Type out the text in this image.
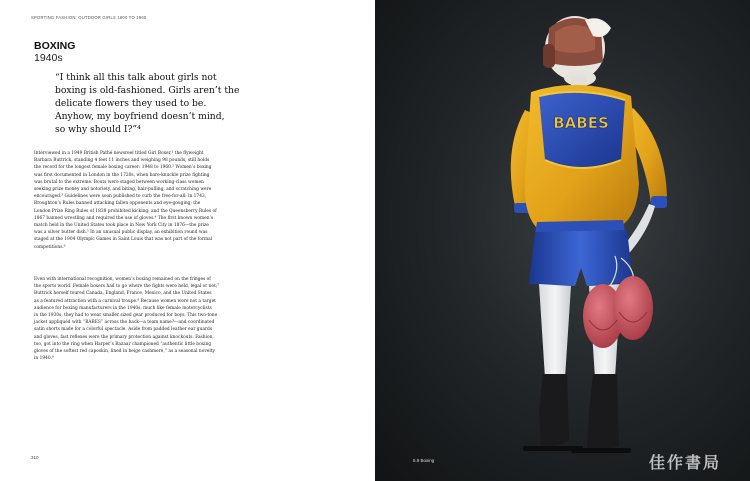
SPORTING FASHION: OUTDOOR GIRLS 1800 TO 1960
BOXING
1940s
“I think all this talk about girls not
boxing is old-fashioned. Girls aren’t the
delicate flowers they used to be.
Anyhow, my boyfriend doesn’t mind,
so why should I?”⁴
Interviewed in a 1949 British Pathé newsreel titled Girl Boxer,¹ the flyweight
Barbara Buttrick, standing 4 feet 11 inches and weighing 98 pounds, still holds
the record for the longest female boxing career: 1948 to 1960.² Women’s boxing
was first documented in London in the 1720s, when bare-knuckle prize fighting
was brutal to the extreme. Bouts were staged between working-class women
seeking prize money and notoriety, and biting, hair-pulling, and scratching were
encouraged.³ Guidelines were soon published to curb the free-for-all: in 1743,
Broughton’s Rules banned attacking fallen opponents and eye-gouging; the
London Prize Ring Rules of 1838 prohibited kicking; and the Queensberry Rules of
1867 banned wrestling and required the use of gloves.⁴ The first known women’s
match held in the United States took place in New York City in 1876—the prize
was a silver butter dish.⁵ In an unusual public display, an exhibition round was
staged at the 1904 Olympic Games in Saint Louis that was not part of the formal
competitions.⁶
Even with international recognition, women’s boxing remained on the fringes of
the sports world. Female boxers had to go where the fights were held, legal or not;⁷
Buttrick herself toured Canada, England, France, Mexico, and the United States
as a featured attraction with a carnival troupe.⁸ Because women were not a target
audience for boxing manufacturers in the 1940s, much like female motorcyclists
in the 1930s, they had to wear smaller sized gear produced for boys. This two-tone
jacket appliquéd with “BABES” across the back—a team name?—and coordinated
satin shorts made for a colorful spectacle. Aside from padded leather ear guards
and gloves, fast reflexes were the primary protection against knockouts. Fashion,
too, got into the ring when Harper’s Bazaar championed “authentic little boxing
gloves of the softest red capeskin, lined in beige cashmere,” as a seasonal novelty
in 1940.⁹
310
BABES
5.9 Boxing	佳作書局
